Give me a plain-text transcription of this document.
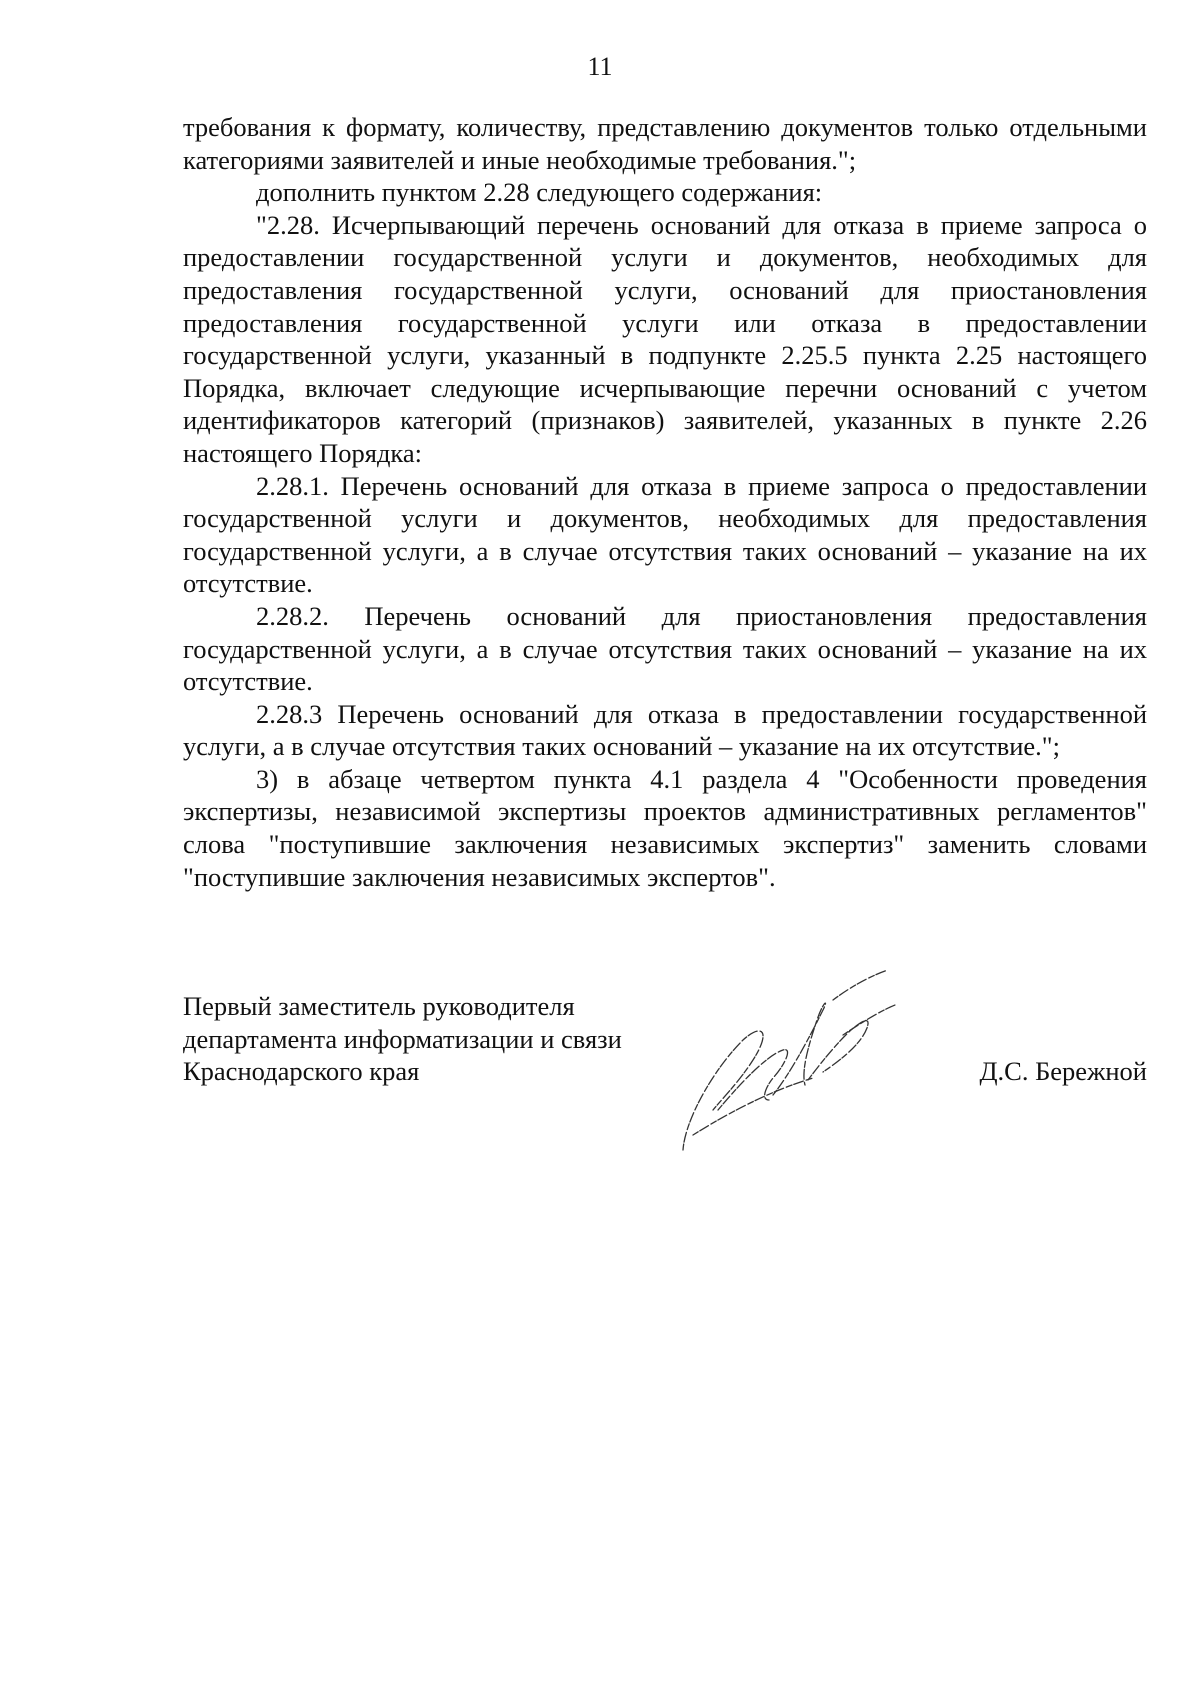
11

требования к формату, количеству, представлению документов только отдельными категориями заявителей и иные необходимые требования.";

дополнить пунктом 2.28 следующего содержания:

"2.28. Исчерпывающий перечень оснований для отказа в приеме запроса о предоставлении государственной услуги и документов, необходимых для предоставления государственной услуги, оснований для приостановления предоставления государственной услуги или отказа в предоставлении государственной услуги, указанный в подпункте 2.25.5 пункта 2.25 настоящего Порядка, включает следующие исчерпывающие перечни оснований с учетом идентификаторов категорий (признаков) заявителей, указанных в пункте 2.26 настоящего Порядка:

2.28.1. Перечень оснований для отказа в приеме запроса о предоставлении государственной услуги и документов, необходимых для предоставления государственной услуги, а в случае отсутствия таких оснований – указание на их отсутствие.

2.28.2. Перечень оснований для приостановления предоставления государственной услуги, а в случае отсутствия таких оснований – указание на их отсутствие.

2.28.3 Перечень оснований для отказа в предоставлении государственной услуги, а в случае отсутствия таких оснований – указание на их отсутствие.";

3) в абзаце четвертом пункта 4.1 раздела 4 "Особенности проведения экспертизы, независимой экспертизы проектов административных регламентов" слова "поступившие заключения независимых экспертиз" заменить словами "поступившие заключения независимых экспертов".

Первый заместитель руководителя
департамента информатизации и связи
Краснодарского края	Д.С. Бережной
